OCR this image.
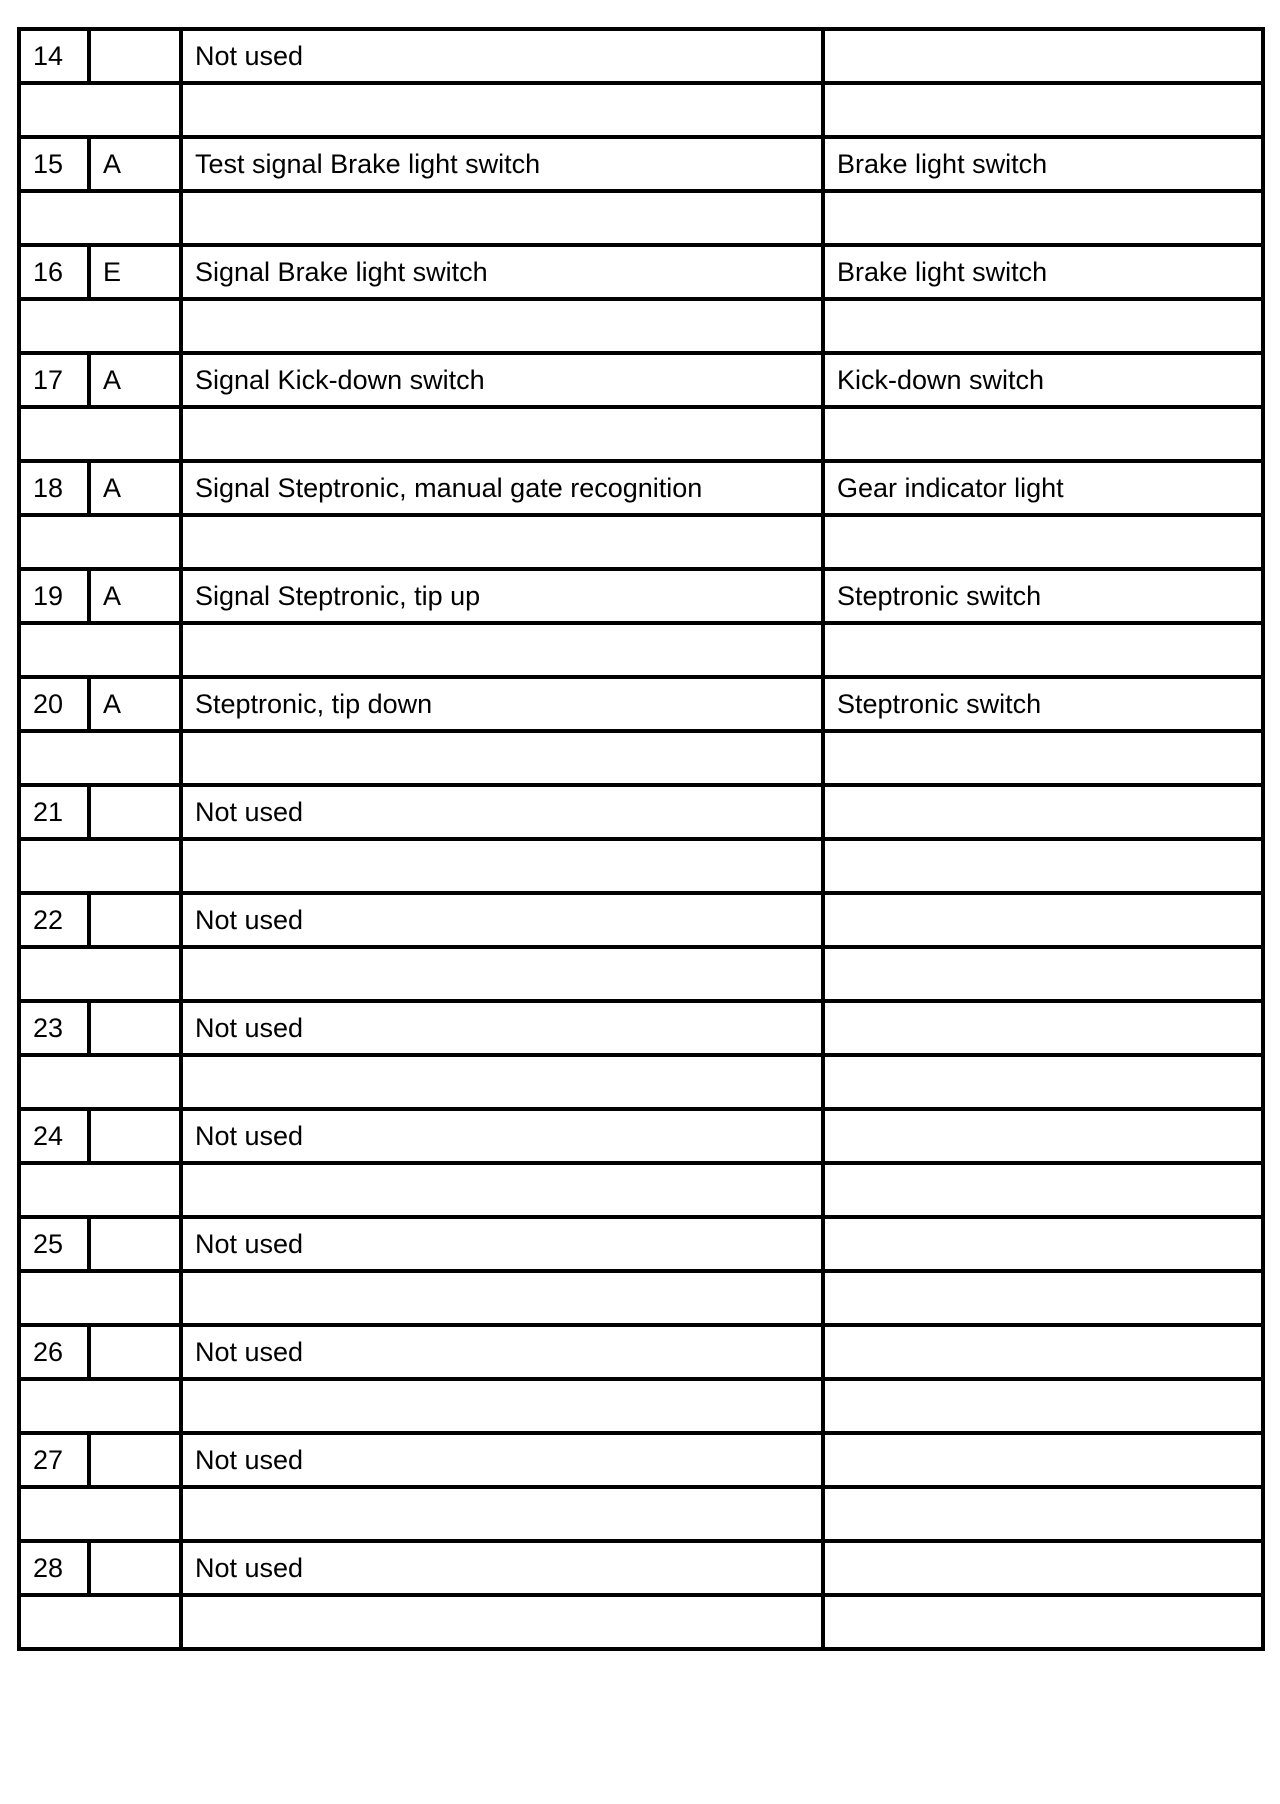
14		Not used	

15	A	Test signal Brake light switch	Brake light switch

16	E	Signal Brake light switch	Brake light switch

17	A	Signal Kick-down switch	Kick-down switch

18	A	Signal Steptronic, manual gate recognition	Gear indicator light

19	A	Signal Steptronic, tip up	Steptronic switch

20	A	Steptronic, tip down	Steptronic switch

21		Not used	

22		Not used	

23		Not used	

24		Not used	

25		Not used	

26		Not used	

27		Not used	

28		Not used	
